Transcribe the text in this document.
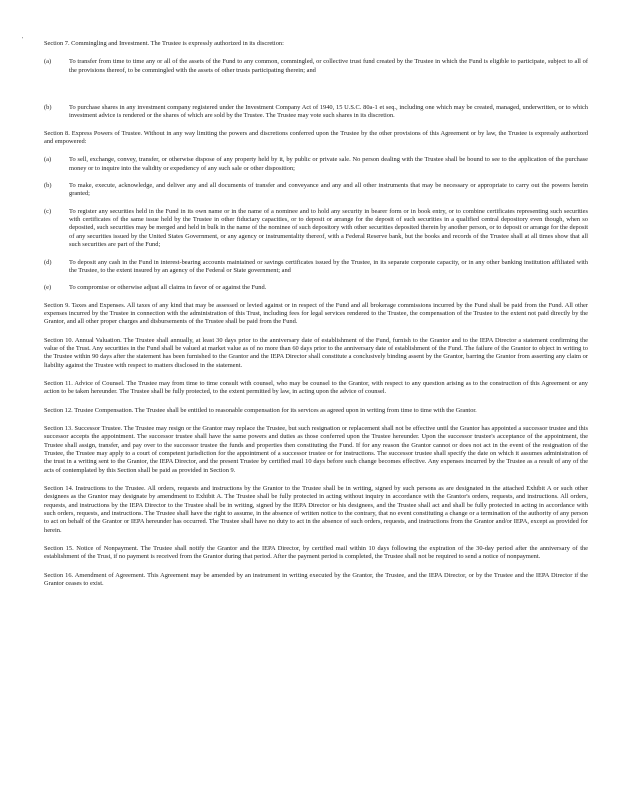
'	Section 7. Commingling and Investment. The Trustee is expressly authorized in its discretion:

(a)	To transfer from time to time any or all of the assets of the Fund to any common, commingled, or collective trust fund created by the Trustee in which the Fund is eligible to participate, subject to all of the provisions thereof, to be commingled with the assets of other trusts participating therein; and
(b)	To purchase shares in any investment company registered under the Investment Company Act of 1940, 15 U.S.C. 80a-1 et seq., including one which may be created, managed, underwritten, or to which investment advice is rendered or the shares of which are sold by the Trustee. The Trustee may vote such shares in its discretion.

Section 8. Express Powers of Trustee. Without in any way limiting the powers and discretions conferred upon the Trustee by the other provisions of this Agreement or by law, the Trustee is expressly authorized and empowered:

(a)	To sell, exchange, convey, transfer, or otherwise dispose of any property held by it, by public or private sale. No person dealing with the Trustee shall be bound to see to the application of the purchase money or to inquire into the validity or expediency of any such sale or other disposition;
(b)	To make, execute, acknowledge, and deliver any and all documents of transfer and conveyance and any and all other instruments that may be necessary or appropriate to carry out the powers herein granted;
(c)	To register any securities held in the Fund in its own name or in the name of a nominee and to hold any security in bearer form or in book entry, or to combine certificates representing such securities with certificates of the same issue held by the Trustee in other fiduciary capacities, or to deposit or arrange for the deposit of such securities in a qualified central depository even though, when so deposited, such securities may be merged and held in bulk in the name of the nominee of such depository with other securities deposited therein by another person, or to deposit or arrange for the deposit of any securities issued by the United States Government, or any agency or instrumentality thereof, with a Federal Reserve bank, but the books and records of the Trustee shall at all times show that all such securities are part of the Fund;
(d)	To deposit any cash in the Fund in interest-bearing accounts maintained or savings certificates issued by the Trustee, in its separate corporate capacity, or in any other banking institution affiliated with the Trustee, to the extent insured by an agency of the Federal or State government; and
(e)	To compromise or otherwise adjust all claims in favor of or against the Fund.

Section 9. Taxes and Expenses. All taxes of any kind that may be assessed or levied against or in respect of the Fund and all brokerage commissions incurred by the Fund shall be paid from the Fund. All other expenses incurred by the Trustee in connection with the administration of this Trust, including fees for legal services rendered to the Trustee, the compensation of the Trustee to the extent not paid directly by the Grantor, and all other proper charges and disbursements of the Trustee shall be paid from the Fund.

Section 10. Annual Valuation. The Trustee shall annually, at least 30 days prior to the anniversary date of establishment of the Fund, furnish to the Grantor and to the IEPA Director a statement confirming the value of the Trust. Any securities in the Fund shall be valued at market value as of no more than 60 days prior to the anniversary date of establishment of the Fund. The failure of the Grantor to object in writing to the Trustee within 90 days after the statement has been furnished to the Grantor and the IEPA Director shall constitute a conclusively binding assent by the Grantor, barring the Grantor from asserting any claim or liability against the Trustee with respect to matters disclosed in the statement.

Section 11. Advice of Counsel. The Trustee may from time to time consult with counsel, who may be counsel to the Grantor, with respect to any question arising as to the construction of this Agreement or any action to be taken hereunder. The Trustee shall be fully protected, to the extent permitted by law, in acting upon the advice of counsel.

Section 12. Trustee Compensation. The Trustee shall be entitled to reasonable compensation for its services as agreed upon in writing from time to time with the Grantor.

Section 13. Successor Trustee. The Trustee may resign or the Grantor may replace the Trustee, but such resignation or replacement shall not be effective until the Grantor has appointed a successor trustee and this successor accepts the appointment. The successor trustee shall have the same powers and duties as those conferred upon the Trustee hereunder. Upon the successor trustee's acceptance of the appointment, the Trustee shall assign, transfer, and pay over to the successor trustee the funds and properties then constituting the Fund. If for any reason the Grantor cannot or does not act in the event of the resignation of the Trustee, the Trustee may apply to a court of competent jurisdiction for the appointment of a successor trustee or for instructions. The successor trustee shall specify the date on which it assumes administration of the trust in a writing sent to the Grantor, the IEPA Director, and the present Trustee by certified mail 10 days before such change becomes effective. Any expenses incurred by the Trustee as a result of any of the acts of contemplated by this Section shall be paid as provided in Section 9.

Section 14. Instructions to the Trustee. All orders, requests and instructions by the Grantor to the Trustee shall be in writing, signed by such persons as are designated in the attached Exhibit A or such other designees as the Grantor may designate by amendment to Exhibit A. The Trustee shall be fully protected in acting without inquiry in accordance with the Grantor's orders, requests, and instructions. All orders, requests, and instructions by the IEPA Director to the Trustee shall be in writing, signed by the IEPA Director or his designees, and the Trustee shall act and shall be fully protected in acting in accordance with such orders, requests, and instructions. The Trustee shall have the right to assume, in the absence of written notice to the contrary, that no event constituting a change or a termination of the authority of any person to act on behalf of the Grantor or IEPA hereunder has occurred. The Trustee shall have no duty to act in the absence of such orders, requests, and instructions from the Grantor and/or IEPA, except as provided for herein.

Section 15. Notice of Nonpayment. The Trustee shall notify the Grantor and the IEPA Director, by certified mail within 10 days following the expiration of the 30-day period after the anniversary of the establishment of the Trust, if no payment is received from the Grantor during that period. After the payment period is completed, the Trustee shall not be required to send a notice of nonpayment.

Section 16. Amendment of Agreement. This Agreement may be amended by an instrument in writing executed by the Grantor, the Trustee, and the IEPA Director, or by the Trustee and the IEPA Director if the Grantor ceases to exist.
